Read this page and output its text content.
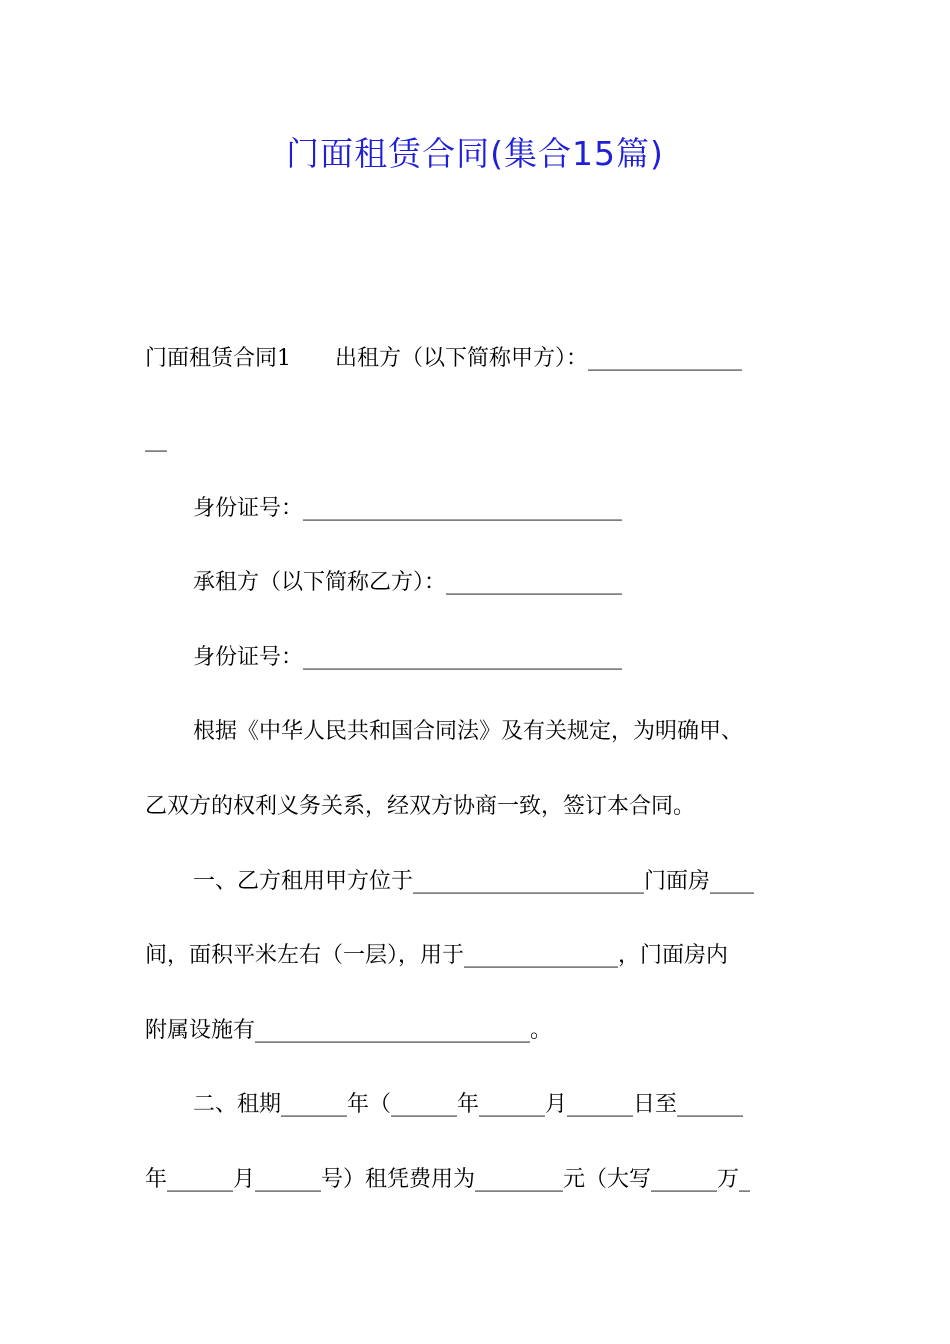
门面租赁合同(集合15篇)
门面租赁合同1 出租方（以下简称甲方）：______________
__
身份证号：_____________________________
承租方（以下简称乙方）：________________
身份证号：_____________________________
根据《中华人民共和国合同法》及有关规定，为明确甲、
乙双方的权利义务关系，经双方协商一致，签订本合同。
一、乙方租用甲方位于_____________________门面房____
间，面积平米左右（一层），用于______________，门面房内
附属设施有_________________________。
二、租期______年（______年______月______日至______
年______月______号）租凭费用为________元（大写______万_
